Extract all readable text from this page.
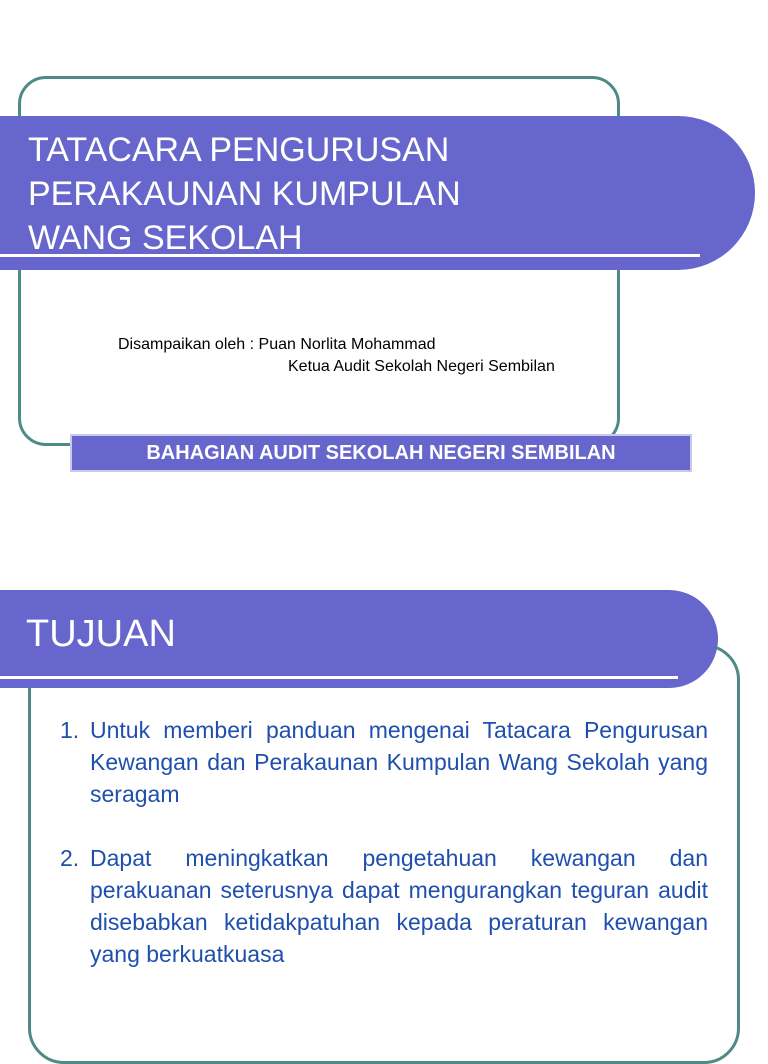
TATACARA PENGURUSAN
PERAKAUNAN KUMPULAN
WANG SEKOLAH
Disampaikan oleh : Puan Norlita Mohammad
Ketua Audit Sekolah Negeri Sembilan
BAHAGIAN AUDIT SEKOLAH NEGERI SEMBILAN
TUJUAN
1. Untuk memberi panduan mengenai Tatacara Pengurusan Kewangan dan Perakaunan Kumpulan Wang Sekolah yang seragam
2. Dapat meningkatkan pengetahuan kewangan dan perakuanan seterusnya dapat mengurangkan teguran audit disebabkan ketidakpatuhan kepada peraturan kewangan yang berkuatkuasa
